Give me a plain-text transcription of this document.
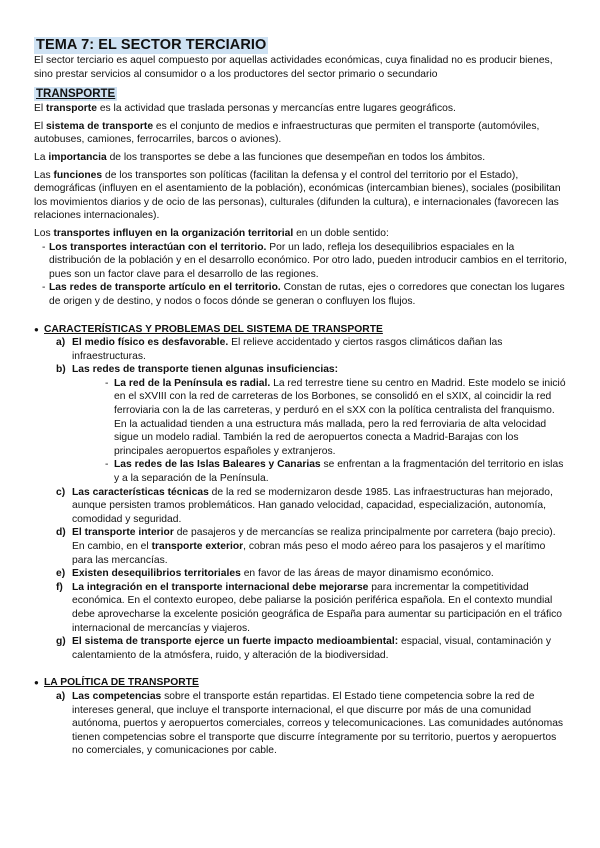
TEMA 7: EL SECTOR TERCIARIO

El sector terciario es aquel compuesto por aquellas actividades económicas, cuya finalidad no es producir bienes, sino prestar servicios al consumidor o a los productores del sector primario o secundario

TRANSPORTE

El transporte es la actividad que traslada personas y mercancías entre lugares geográficos.

El sistema de transporte es el conjunto de medios e infraestructuras que permiten el transporte (automóviles, autobuses, camiones, ferrocarriles, barcos o aviones).

La importancia de los transportes se debe a las funciones que desempeñan en todos los ámbitos.

Las funciones de los transportes son políticas (facilitan la defensa y el control del territorio por el Estado), demográficas (influyen en el asentamiento de la población), económicas (intercambian bienes), sociales (posibilitan los movimientos diarios y de ocio de las personas), culturales (difunden la cultura), e internacionales (favorecen las relaciones internacionales).

Los transportes influyen en la organización territorial en un doble sentido:

- Los transportes interactúan con el territorio. Por un lado, refleja los desequilibrios espaciales en la distribución de la población y en el desarrollo económico. Por otro lado, pueden introducir cambios en el territorio, pues son un factor clave para el desarrollo de las regiones.
- Las redes de transporte artículo en el territorio. Constan de rutas, ejes o corredores que conectan los lugares de origen y de destino, y nodos o focos dónde se generan o confluyen los flujos.
● CARACTERÍSTICAS Y PROBLEMAS DEL SISTEMA DE TRANSPORTE
a) El medio físico es desfavorable. El relieve accidentado y ciertos rasgos climáticos dañan las infraestructuras.
b) Las redes de transporte tienen algunas insuficiencias:
- La red de la Península es radial. La red terrestre tiene su centro en Madrid. Este modelo se inició en el sXVIII con la red de carreteras de los Borbones, se consolidó en el sXIX, al coincidir la red ferroviaria con la de las carreteras, y perduró en el sXX con la política centralista del franquismo. En la actualidad tienden a una estructura más mallada, pero la red ferroviaria de alta velocidad sigue un modelo radial. También la red de aeropuertos conecta a Madrid-Barajas con los principales aeropuertos españoles y extranjeros.
- Las redes de las Islas Baleares y Canarias se enfrentan a la fragmentación del territorio en islas y a la separación de la Península.
c) Las características técnicas de la red se modernizaron desde 1985. Las infraestructuras han mejorado, aunque persisten tramos problemáticos. Han ganado velocidad, capacidad, especialización, autonomía, comodidad y seguridad.
d) El transporte interior de pasajeros y de mercancías se realiza principalmente por carretera (bajo precio). En cambio, en el transporte exterior, cobran más peso el modo aéreo para los pasajeros y el marítimo para las mercancías.
e) Existen desequilibrios territoriales en favor de las áreas de mayor dinamismo económico.
f) La integración en el transporte internacional debe mejorarse para incrementar la competitividad económica. En el contexto europeo, debe paliarse la posición periférica española. En el contexto mundial debe aprovecharse la excelente posición geográfica de España para aumentar su participación en el tráfico internacional de mercancías y viajeros.
g) El sistema de transporte ejerce un fuerte impacto medioambiental: espacial, visual, contaminación y calentamiento de la atmósfera, ruido, y alteración de la biodiversidad.
● LA POLÍTICA DE TRANSPORTE
a) Las competencias sobre el transporte están repartidas. El Estado tiene competencia sobre la red de intereses general, que incluye el transporte internacional, el que discurre por más de una comunidad autónoma, puertos y aeropuertos comerciales, correos y telecomunicaciones. Las comunidades autónomas tienen competencias sobre el transporte que discurre íntegramente por su territorio, puertos y aeropuertos no comerciales, y comunicaciones por cable.
